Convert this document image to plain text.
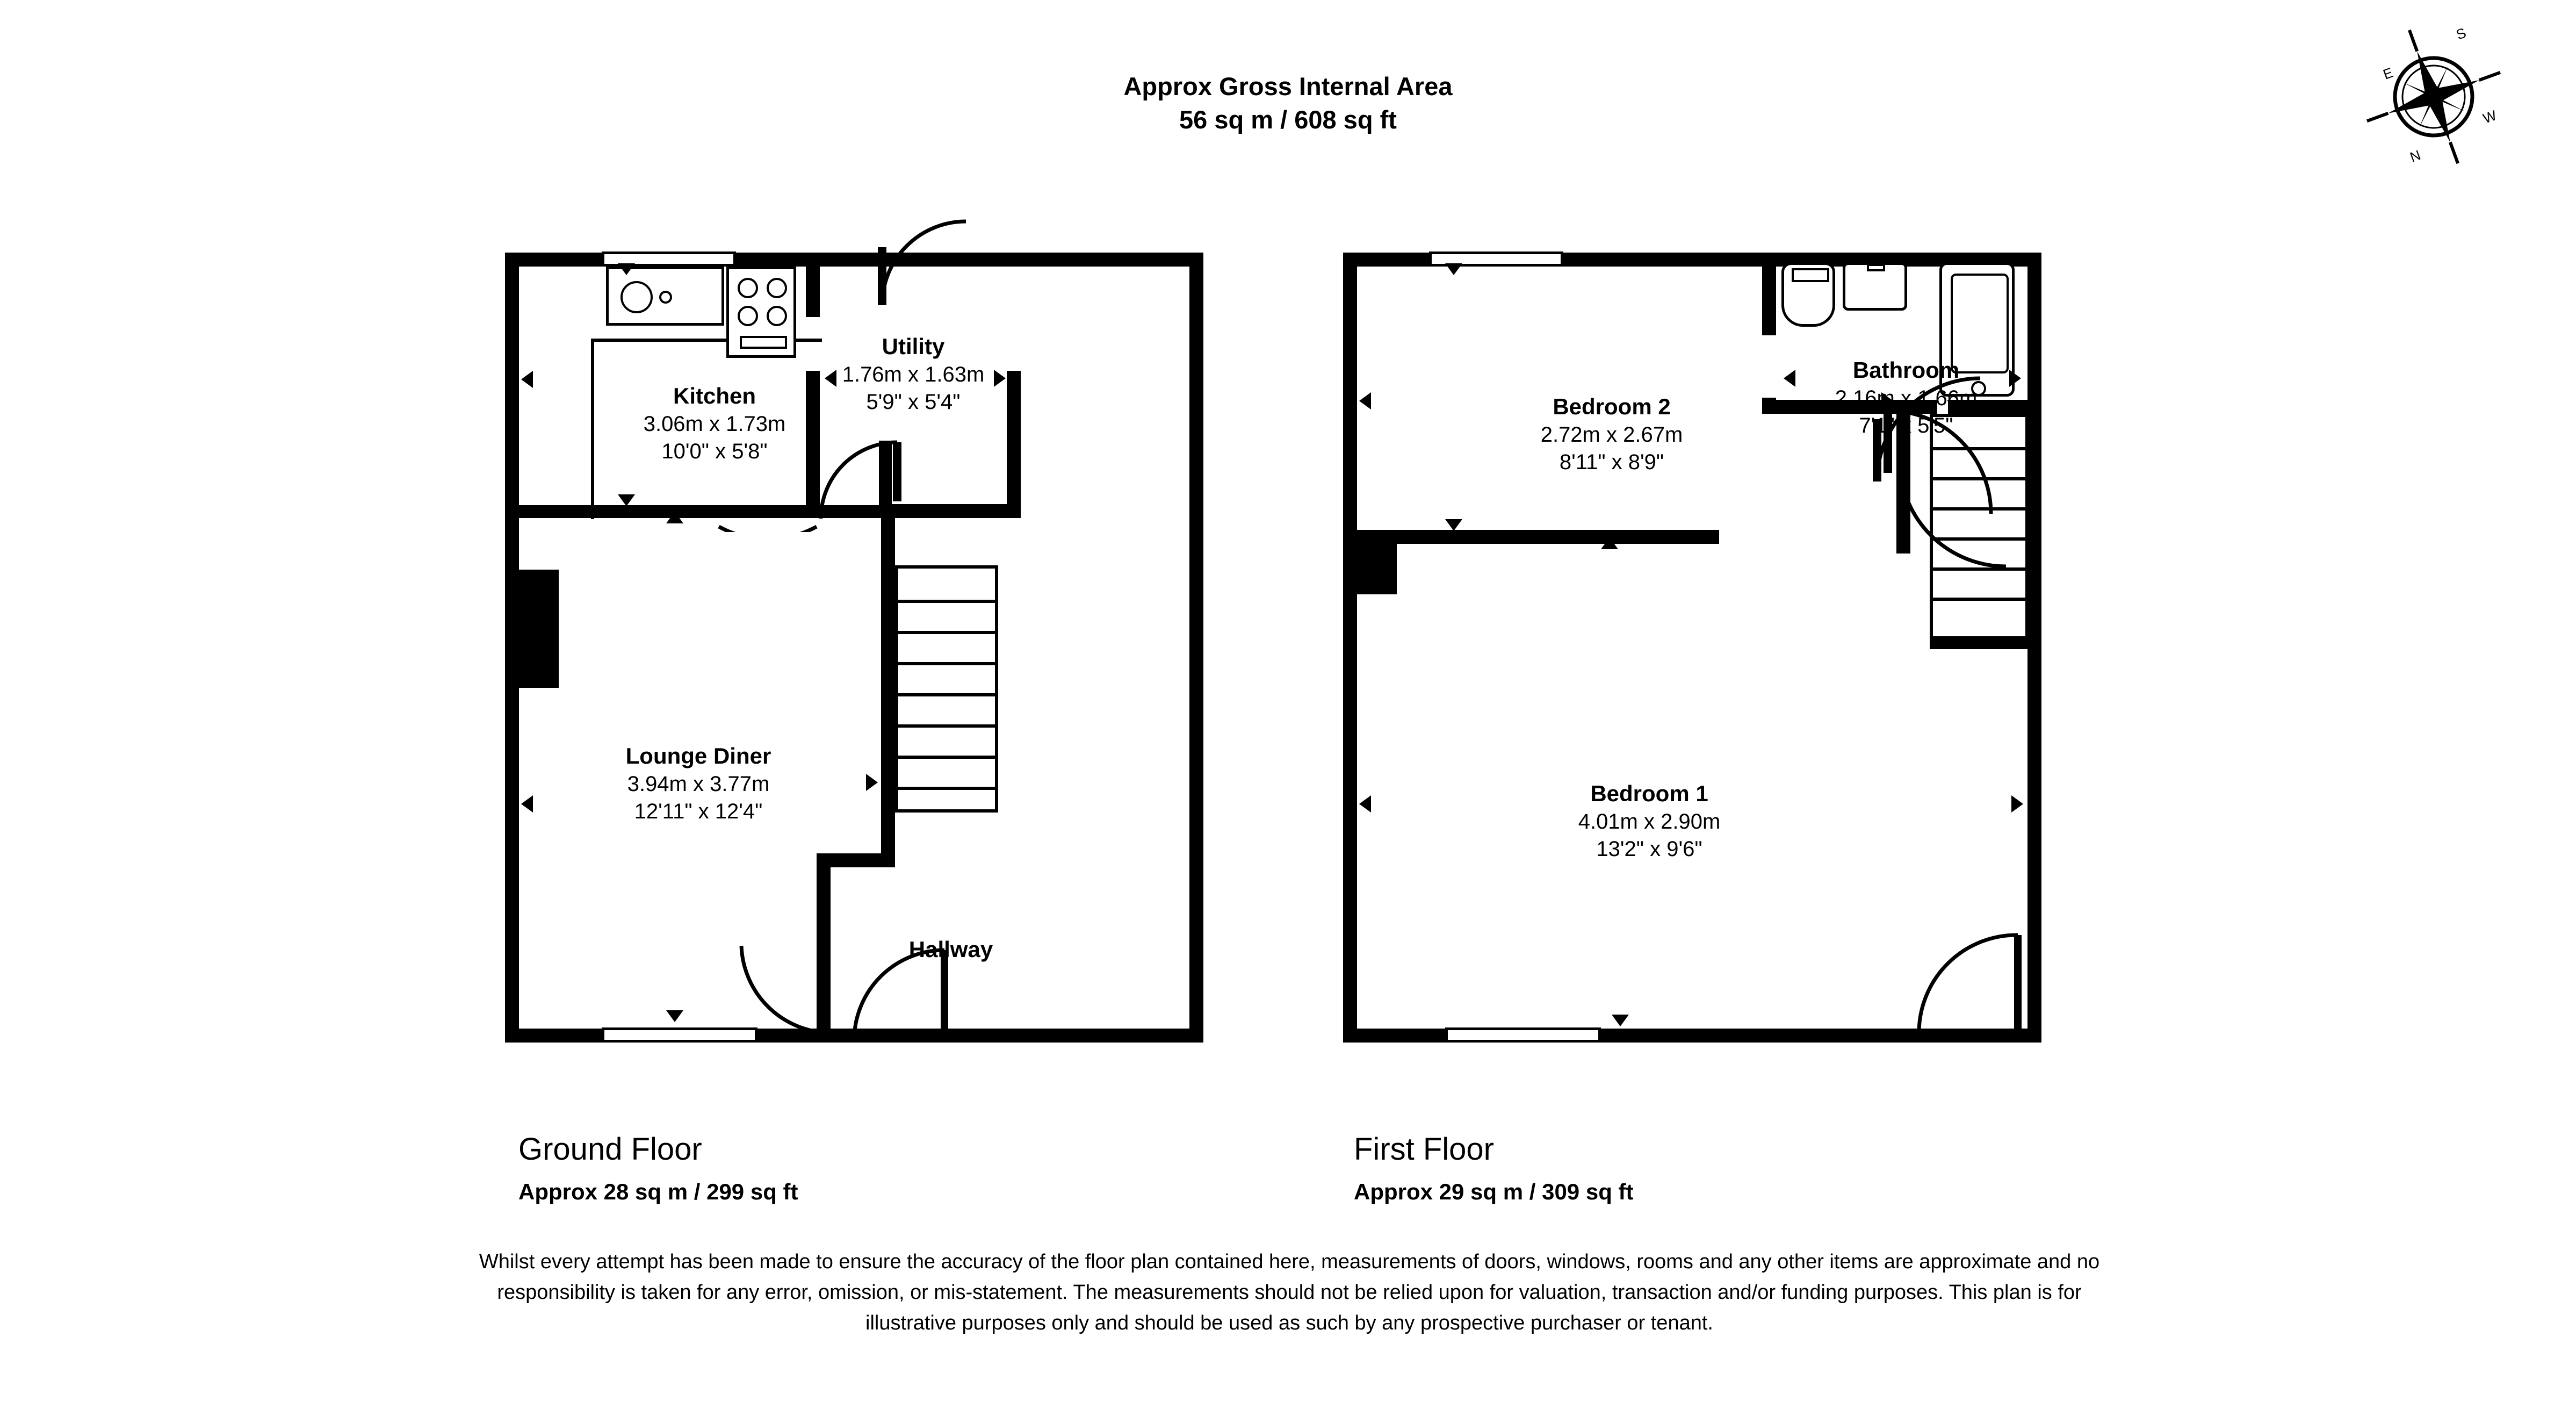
Approx Gross Internal Area
56 sq m / 608 sq ft
S
E
W
N
Kitchen
3.06m x 1.73m
10'0" x 5'8"
Utility
1.76m x 1.63m
5'9" x 5'4"
Lounge Diner
3.94m x 3.77m
12'11" x 12'4"
Hallway
Bedroom 2
2.72m x 2.67m
8'11" x 8'9"
Bathroom
2.16m x 1.66m
7'1" x 5'5"
Bedroom 1
4.01m x 2.90m
13'2" x 9'6"
Ground Floor
Approx 28 sq m / 299 sq ft
First Floor
Approx 29 sq m / 309 sq ft
Whilst every attempt has been made to ensure the accuracy of the floor plan contained here, measurements of doors, windows, rooms and any other items are approximate and no responsibility is taken for any error, omission, or mis-statement. The measurements should not be relied upon for valuation, transaction and/or funding purposes. This plan is for illustrative purposes only and should be used as such by any prospective purchaser or tenant.
